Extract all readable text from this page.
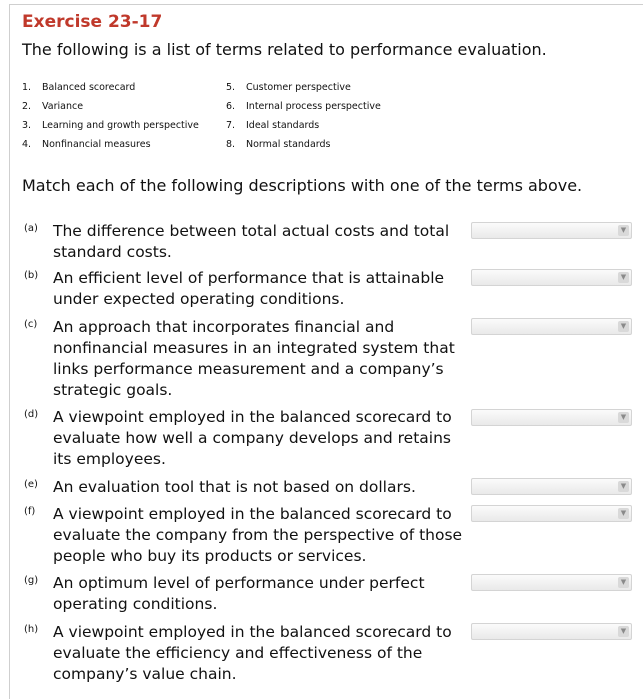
Exercise 23-17

The following is a list of terms related to performance evaluation.

1. Balanced scorecard
2. Variance
3. Learning and growth perspective
4. Nonfinancial measures
5. Customer perspective
6. Internal process perspective
7. Ideal standards
8. Normal standards

Match each of the following descriptions with one of the terms above.

(a) The difference between total actual costs and total standard costs.
▼
(b) An efficient level of performance that is attainable under expected operating conditions.
▼
(c) An approach that incorporates financial and nonfinancial measures in an integrated system that links performance measurement and a company’s strategic goals.
▼
(d) A viewpoint employed in the balanced scorecard to evaluate how well a company develops and retains its employees.
▼
(e) An evaluation tool that is not based on dollars.	▼
(f) A viewpoint employed in the balanced scorecard to evaluate the company from the perspective of those people who buy its products or services.
▼
(g) An optimum level of performance under perfect operating conditions.
▼
(h) A viewpoint employed in the balanced scorecard to evaluate the efficiency and effectiveness of the company’s value chain.
▼
